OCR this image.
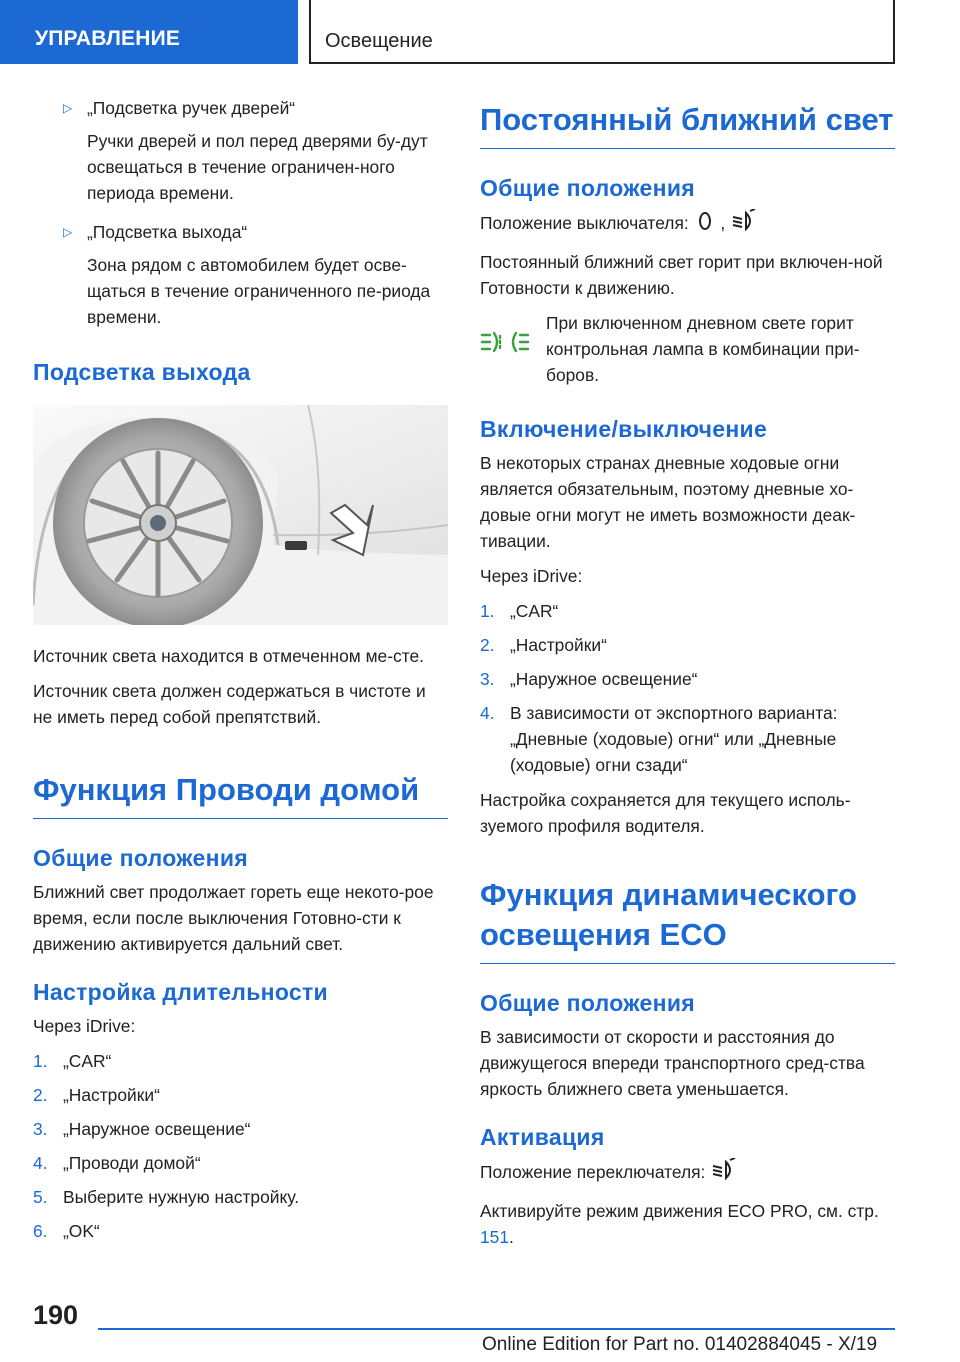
УПРАВЛЕНИЕ	Освещение
▷ „Подсветка ручек дверей“

Ручки дверей и пол перед дверями бу-дут освещаться в течение ограничен-ного периода времени.

▷ „Подсветка выхода“

Зона рядом с автомобилем будет осве-щаться в течение ограниченного пе-риода времени.

Подсветка выхода

Источник света находится в отмеченном ме-сте.

Источник света должен содержаться в чистоте и не иметь перед собой препятствий.

Функция Проводи домой
Общие положения

Ближний свет продолжает гореть еще некото-рое время, если после выключения Готовно-сти к движению активируется дальний свет.

Настройка длительности

Через iDrive:

1. „CAR“
2. „Настройки“
3. „Наружное освещение“
4. „Проводи домой“
5. Выберите нужную настройку.
6. „OK“
Постоянный ближний свет
Общие положения

Положение выключателя: ,

Постоянный ближний свет горит при включен-ной Готовности к движению.

При включенном дневном свете горит контрольная лампа в комбинации при-боров.
Включение/выключение

В некоторых странах дневные ходовые огни является обязательным, поэтому дневные хо-довые огни могут не иметь возможности деак-тивации.

Через iDrive:

1. „CAR“
2. „Настройки“
3. „Наружное освещение“
4. В зависимости от экспортного варианта: „Дневные (ходовые) огни“ или „Дневные (ходовые) огни сзади“

Настройка сохраняется для текущего исполь-зуемого профиля водителя.

Функция динамического освещения ECO
Общие положения

В зависимости от скорости и расстояния до движущегося впереди транспортного сред-ства яркость ближнего света уменьшается.

Активация

Положение переключателя:

Активируйте режим движения ECO PRO, см. стр. 151.

190
Online Edition for Part no. 01402884045 - X/19
